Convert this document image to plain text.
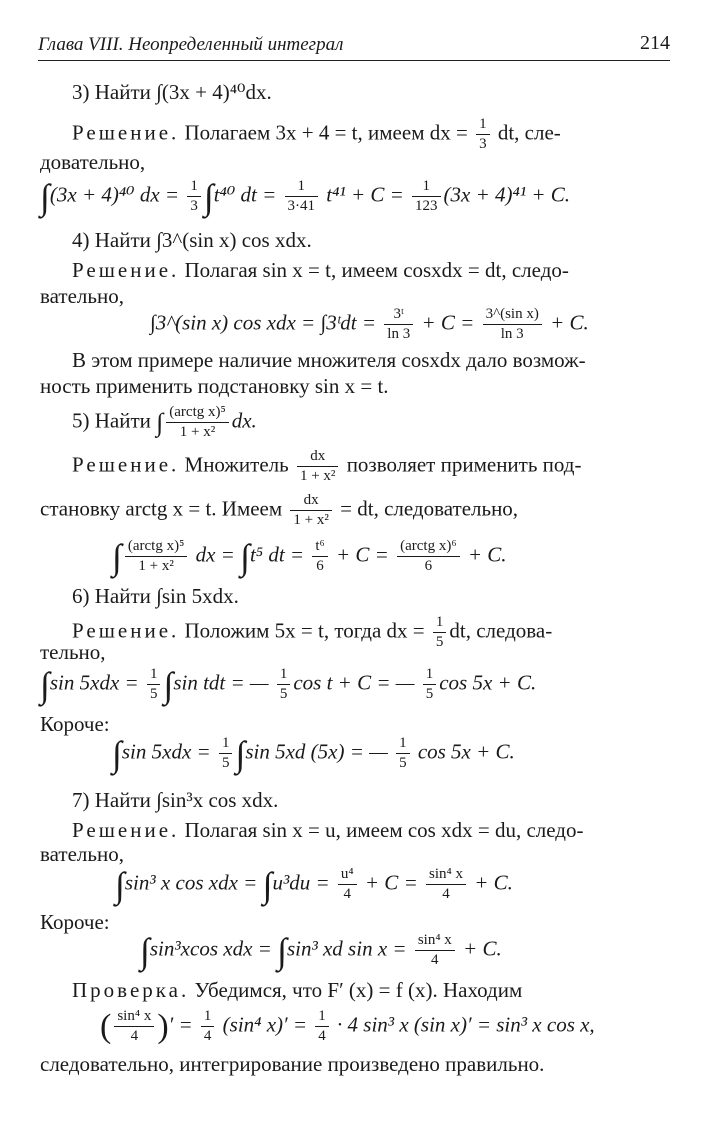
Глава VIII. Неопределенный интеграл	214
3) Найти ∫(3x + 4)⁴⁰dx.
Решение. Полагаем 3x + 4 = t, имеем dx = $\frac{1}{3}$ dt, сле-
довательно,
∫(3x + 4)⁴⁰ dx = $\frac{1}{3} \int t^{40}$ dt = $\frac{1}{3\cdot 41} t^{41} + C = \frac{1}{123} (3x + 4)^{41} + C$.
4) Найти ∫3^(sin x) cos xdx.
Решение. Полагая sin x = t, имеем cosxdx = dt, следо-
вательно,
∫3^(sin x) cos xdx = ∫3ᵗdt = $\frac{\text{3ᵗ}}{\ln 3} + C = \frac{\text{3\textasciicircum{}(sin x)}}{\ln 3} + C$.
В этом примере наличие множителя cosxdx дало возмож-
ность применить подстановку sin x = t.
5) Найти ∫ $\frac{\text{(arctg x)⁵}}{\text{1 + x²}}$ dx.
Решение. Множитель $\frac{dx}{\text{1 + x²}}$ позволяет применить под-
становку arctg x = t. Имеем $\frac{dx}{\text{1 + x²}}$ = dt, следовательно,
∫ $\frac{\text{(arctg x)⁵}}{\text{1 + x²}}$ dx = ∫t⁵ dt = $\frac{\text{t⁶}}{6} + C = \frac{\text{(arctg x)⁶}}{6} + C$.
6) Найти ∫sin 5xdx.
Решение. Положим 5x = t, тогда dx = $\frac{1}{5}$ dt, следова-
тельно,
∫sin $5xdx = \frac{1}{5} \int\sin$ tdt = — $\frac{1}{5}$ cos t + C = — $\frac{1}{5}$ cos 5x + C.
Короче:
∫sin $5xdx = \frac{1}{5} \int\sin$ 5xd (5x) = — $\frac{1}{5}$ cos 5x + C.
7) Найти ∫sin³x cos xdx.
Решение. Полагая sin x = u, имеем cos xdx = du, следо-
вательно,
∫sin³ x cos xdx = $\int u^3du = \frac{\text{u⁴}}{4} + C = \frac{\text{sin⁴ x}}{4} + C$.
Короче:
∫sin³xcos xdx = ∫sin³ xd $\sin x = \frac{\text{sin⁴ x}}{4} + C$.
Проверка. Убедимся, что F′ (x) = f (x). Находим
( $\frac{\text{sin⁴ x}}{4}$ )′ = $\frac{1}{4} (\sin^4$ $x)' = \frac{1}{4} \cdot 4$ sin³ x (sin x)′ = sin³ x cos x,
следовательно, интегрирование произведено правильно.
